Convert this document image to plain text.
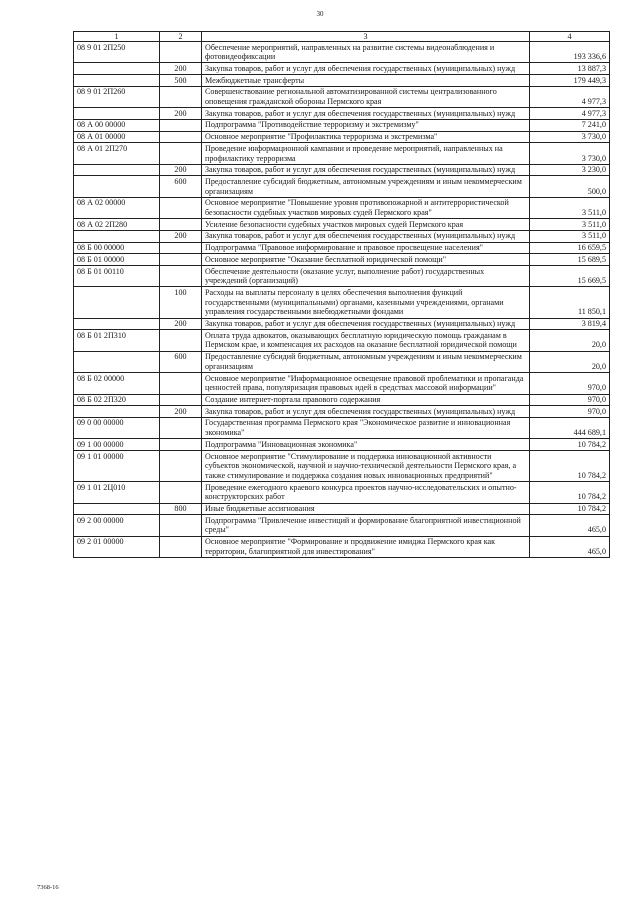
30
1	2	3	4
08 9 01 2П250		Обеспечение мероприятий, направленных на развитие системы видеонаблюдения и фотовидеофиксации	193 336,6
	200	Закупка товаров, работ и услуг для обеспечения государственных (муниципальных) нужд	13 887,3
	500	Межбюджетные трансферты	179 449,3
08 9 01 2П260		Совершенствование региональной автоматизированной системы централизованного оповещения гражданской обороны Пермского края	4 977,3
	200	Закупка товаров, работ и услуг для обеспечения государственных (муниципальных) нужд	4 977,3
08 А 00 00000		Подпрограмма "Противодействие терроризму и экстремизму"	7 241,0
08 А 01 00000		Основное мероприятие "Профилактика терроризма и экстремизма"	3 730,0
08 А 01 2П270		Проведение информационной кампании и проведение мероприятий, направленных на профилактику терроризма	3 730,0
	200	Закупка товаров, работ и услуг для обеспечения государственных (муниципальных) нужд	3 230,0
	600	Предоставление субсидий бюджетным, автономным учреждениям и иным некоммерческим организациям	500,0
08 А 02 00000		Основное мероприятие "Повышение уровня противопожарной и антитеррористической безопасности судебных участков мировых судей Пермского края"	3 511,0
08 А 02 2П280		Усиление безопасности судебных участков мировых судей Пермского края	3 511,0
	200	Закупка товаров, работ и услуг для обеспечения государственных (муниципальных) нужд	3 511,0
08 Б 00 00000		Подпрограмма "Правовое информирование и правовое просвещение населения"	16 659,5
08 Б 01 00000		Основное мероприятие "Оказание бесплатной юридической помощи"	15 689,5
08 Б 01 00110		Обеспечение деятельности (оказание услуг, выполнение работ) государственных учреждений (организаций)	15 669,5
	100	Расходы на выплаты персоналу в целях обеспечения выполнения функций государственными (муниципальными) органами, казенными учреждениями, органами управления государственными внебюджетными фондами	11 850,1
	200	Закупка товаров, работ и услуг для обеспечения государственных (муниципальных) нужд	3 819,4
08 Б 01 2П310		Оплата труда адвокатов, оказывающих бесплатную юридическую помощь гражданам в Пермском крае, и компенсация их расходов на оказание бесплатной юридической помощи	20,0
	600	Предоставление субсидий бюджетным, автономным учреждениям и иным некоммерческим организациям	20,0
08 Б 02 00000		Основное мероприятие "Информационное освещение правовой проблематики и пропаганда ценностей права, популяризация правовых идей в средствах массовой информации"	970,0
08 Б 02 2П320		Создание интернет-портала правового содержания	970,0
	200	Закупка товаров, работ и услуг для обеспечения государственных (муниципальных) нужд	970,0
09 0 00 00000		Государственная программа Пермского края "Экономическое развитие и инновационная экономика"	444 689,1
09 1 00 00000		Подпрограмма "Инновационная экономика"	10 784,2
09 1 01 00000		Основное мероприятие "Стимулирование и поддержка инновационной активности субъектов экономической, научной и научно-технической деятельности Пермского края, а также стимулирование и поддержка создания новых инновационных предприятий"	10 784,2
09 1 01 2Ц010		Проведение ежегодного краевого конкурса проектов научно-исследовательских и опытно-конструкторских работ	10 784,2
	800	Иные бюджетные ассигнования	10 784,2
09 2 00 00000		Подпрограмма "Привлечение инвестиций и формирование благоприятной инвестиционной среды"	465,0
09 2 01 00000		Основное мероприятие "Формирование и продвижение имиджа Пермского края как территории, благоприятной для инвестирования"	465,0
7368-16
